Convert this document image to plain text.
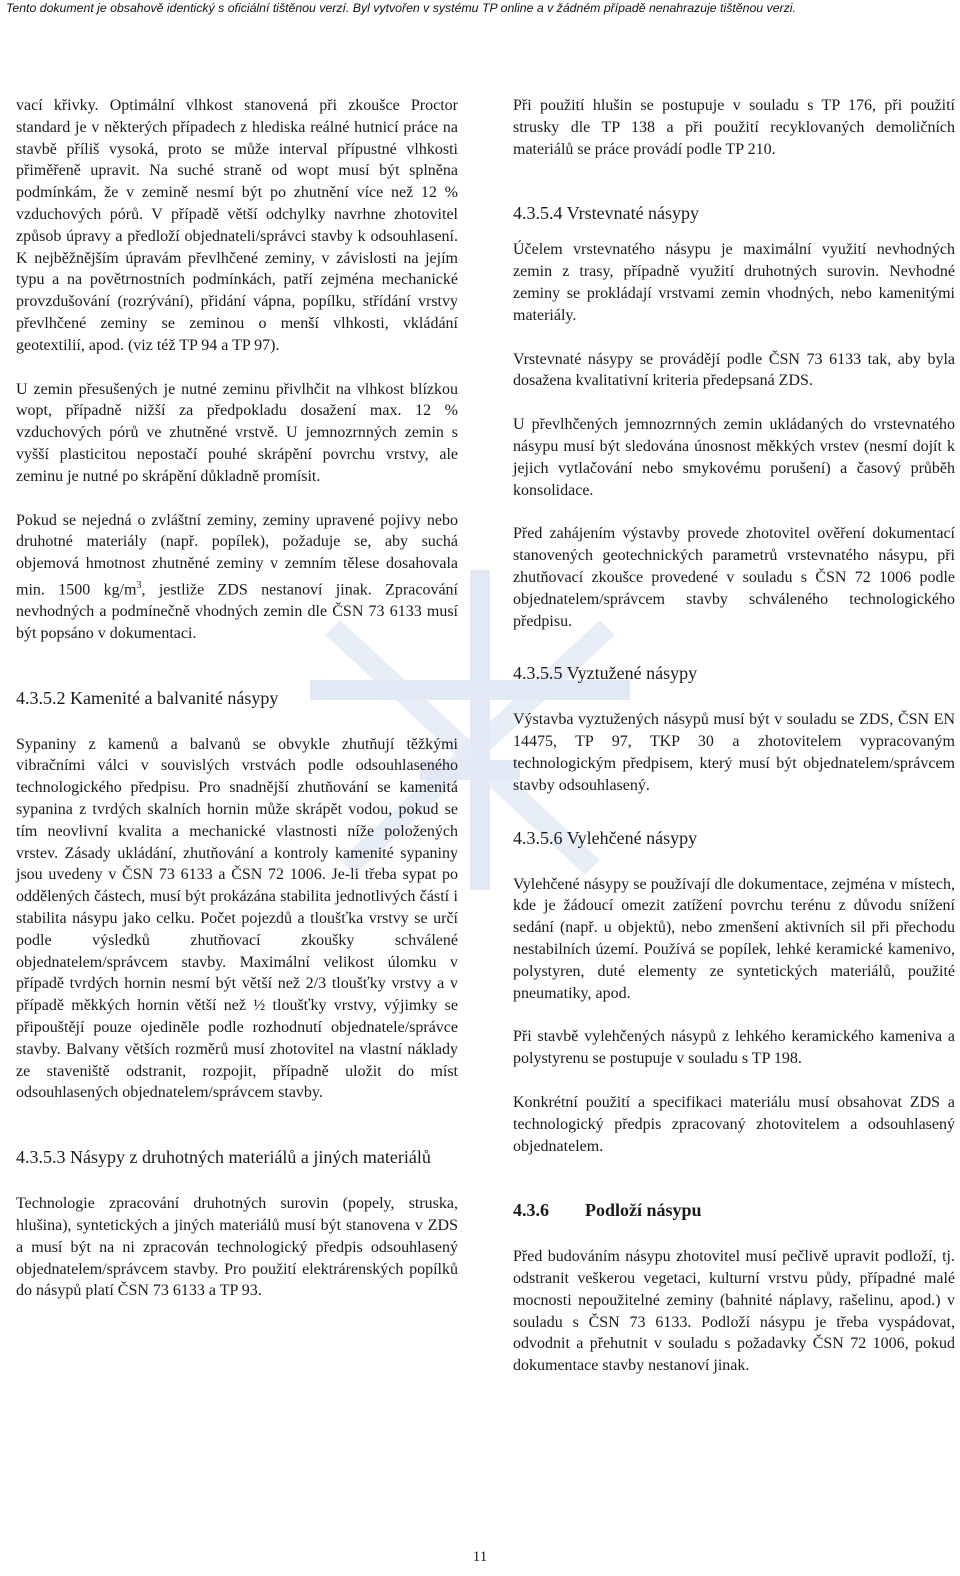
Tento dokument je obsahově identický s oficiální tištěnou verzí. Byl vytvořen v systému TP online a v žádném případě nenahrazuje tištěnou verzi.

vací křivky. Optimální vlhkost stanovená při zkoušce Proctor standard je v některých případech z hlediska reálné hutnicí práce na stavbě příliš vysoká, proto se může interval přípustné vlhkosti přiměřeně upravit. Na suché straně od wopt musí být splněna podmínkám, že v zemině nesmí být po zhutnění více než 12 % vzduchových pórů. V případě větší odchylky navrhne zhotovitel způsob úpravy a předloží objednateli/správci stavby k odsouhlasení. K nejběžnějším úpravám převlhčené zeminy, v závislosti na jejím typu a na povětrnostních podmínkách, patří zejména mechanické provzdušování (rozrývání), přidání vápna, popílku, střídání vrstvy převlhčené zeminy se zeminou o menší vlhkosti, vkládání geotextilií, apod. (viz též TP 94 a TP 97).

U zemin přesušených je nutné zeminu přivlhčit na vlhkost blízkou wopt, případně nižší za předpokladu dosažení max. 12 % vzduchových pórů ve zhutněné vrstvě. U jemnozrnných zemin s vyšší plasticitou nepostačí pouhé skrápění povrchu vrstvy, ale zeminu je nutné po skrápění důkladně promísit.

Pokud se nejedná o zvláštní zeminy, zeminy upravené pojivy nebo druhotné materiály (např. popílek), požaduje se, aby suchá objemová hmotnost zhutněné zeminy v zemním tělese dosahovala min. 1500 $kg/m^3$, jestliže ZDS nestanoví jinak. Zpracování nevhodných a podmínečně vhodných zemin dle ČSN 73 6133 musí být popsáno v dokumentaci.

4.3.5.2 Kamenité a balvanité násypy

Sypaniny z kamenů a balvanů se obvykle zhutňují těžkými vibračními válci v souvislých vrstvách podle odsouhlaseného technologického předpisu. Pro snadnější zhutňování se kamenitá sypanina z tvrdých skalních hornin může skrápět vodou, pokud se tím neovlivní kvalita a mechanické vlastnosti níže položených vrstev. Zásady ukládání, zhutňování a kontroly kamenité sypaniny jsou uvedeny v ČSN 73 6133 a ČSN 72 1006. Je-li třeba sypat po oddělených částech, musí být prokázána stabilita jednotlivých částí i stabilita násypu jako celku. Počet pojezdů a tloušťka vrstvy se určí podle výsledků zhutňovací zkoušky schválené objednatelem/správcem stavby. Maximální velikost úlomku v případě tvrdých hornin nesmí být větší než 2/3 tloušťky vrstvy a v případě měkkých hornin větší než ½ tloušťky vrstvy, výjimky se připouštějí pouze ojediněle podle rozhodnutí objednatele/správce stavby. Balvany větších rozměrů musí zhotovitel na vlastní náklady ze staveniště odstranit, rozpojit, případně uložit do míst odsouhlasených objednatelem/správcem stavby.

4.3.5.3 Násypy z druhotných materiálů a jiných materiálů

Technologie zpracování druhotných surovin (popely, struska, hlušina), syntetických a jiných materiálů musí být stanovena v ZDS a musí být na ni zpracován technologický předpis odsouhlasený objednatelem/správcem stavby. Pro použití elektrárenských popílků do násypů platí ČSN 73 6133 a TP 93.

Při použití hlušin se postupuje v souladu s TP 176, při použití strusky dle TP 138 a při použití recyklovaných demoličních materiálů se práce provádí podle TP 210.

4.3.5.4 Vrstevnaté násypy

Účelem vrstevnatého násypu je maximální využití nevhodných zemin z trasy, případně využití druhotných surovin. Nevhodné zeminy se prokládají vrstvami zemin vhodných, nebo kamenitými materiály.

Vrstevnaté násypy se provádějí podle ČSN 73 6133 tak, aby byla dosažena kvalitativní kriteria předepsaná ZDS.

U převlhčených jemnozrnných zemin ukládaných do vrstevnatého násypu musí být sledována únosnost měkkých vrstev (nesmí dojít k jejich vytlačování nebo smykovému porušení) a časový průběh konsolidace.

Před zahájením výstavby provede zhotovitel ověření dokumentací stanovených geotechnických parametrů vrstevnatého násypu, při zhutňovací zkoušce provedené v souladu s ČSN 72 1006 podle objednatelem/správcem stavby schváleného technologického předpisu.

4.3.5.5 Vyztužené násypy

Výstavba vyztužených násypů musí být v souladu se ZDS, ČSN EN 14475, TP 97, TKP 30 a zhotovitelem vypracovaným technologickým předpisem, který musí být objednatelem/správcem stavby odsouhlasený.

4.3.5.6 Vylehčené násypy

Vylehčené násypy se používají dle dokumentace, zejména v místech, kde je žádoucí omezit zatížení povrchu terénu z důvodu snížení sedání (např. u objektů), nebo zmenšení aktivních sil při přechodu nestabilních území. Používá se popílek, lehké keramické kamenivo, polystyren, duté elementy ze syntetických materiálů, použité pneumatiky, apod.

Při stavbě vylehčených násypů z lehkého keramického kameniva a polystyrenu se postupuje v souladu s TP 198.

Konkrétní použití a specifikaci materiálu musí obsahovat ZDS a technologický předpis zpracovaný zhotovitelem a odsouhlasený objednatelem.

4.3.6 Podloží násypu

Před budováním násypu zhotovitel musí pečlivě upravit podloží, tj. odstranit veškerou vegetaci, kulturní vrstvu půdy, případné malé mocnosti nepoužitelné zeminy (bahnité náplavy, rašelinu, apod.) v souladu s ČSN 73 6133. Podloží násypu je třeba vyspádovat, odvodnit a přehutnit v souladu s požadavky ČSN 72 1006, pokud dokumentace stavby nestanoví jinak.

11
